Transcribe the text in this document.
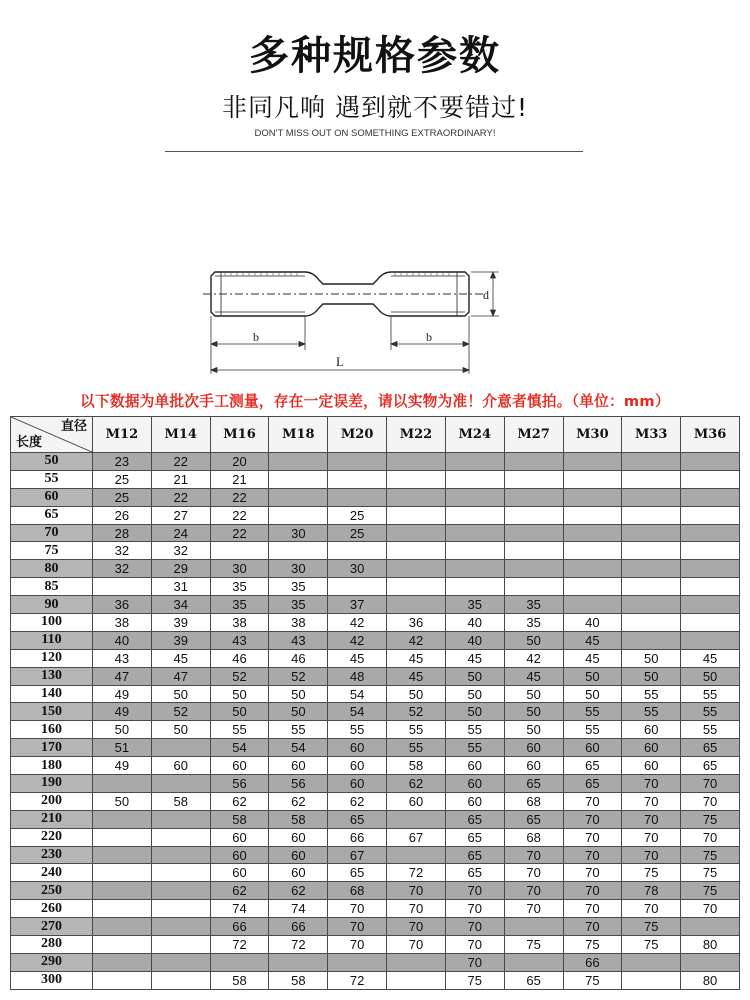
多种规格参数
非同凡响 遇到就不要错过!
DON'T MISS OUT ON SOMETHING EXTRAORDINARY!
d
b	b
L
以下数据为单批次手工测量，存在一定误差，请以实物为准！介意者慎拍。（单位：mm）
直径
长度	M12	M14	M16	M18	M20	M22	M24	M27	M30	M33	M36
50	23	22	20								
55	25	21	21								
60	25	22	22								
65	26	27	22		25						
70	28	24	22	30	25						
75	32	32									
80	32	29	30	30	30						
85		31	35	35							
90	36	34	35	35	37		35	35			
100	38	39	38	38	42	36	40	35	40		
110	40	39	43	43	42	42	40	50	45		
120	43	45	46	46	45	45	45	42	45	50	45
130	47	47	52	52	48	45	50	45	50	50	50
140	49	50	50	50	54	50	50	50	50	55	55
150	49	52	50	50	54	52	50	50	55	55	55
160	50	50	55	55	55	55	55	50	55	60	55
170	51		54	54	60	55	55	60	60	60	65
180	49	60	60	60	60	58	60	60	65	60	65
190			56	56	60	62	60	65	65	70	70
200	50	58	62	62	62	60	60	68	70	70	70
210			58	58	65		65	65	70	70	75
220			60	60	66	67	65	68	70	70	70
230			60	60	67		65	70	70	70	75
240			60	60	65	72	65	70	70	75	75
250			62	62	68	70	70	70	70	78	75
260			74	74	70	70	70	70	70	70	70
270			66	66	70	70	70		70	75	
280			72	72	70	70	70	75	75	75	80
290							70		66		
300			58	58	72		75	65	75		80
